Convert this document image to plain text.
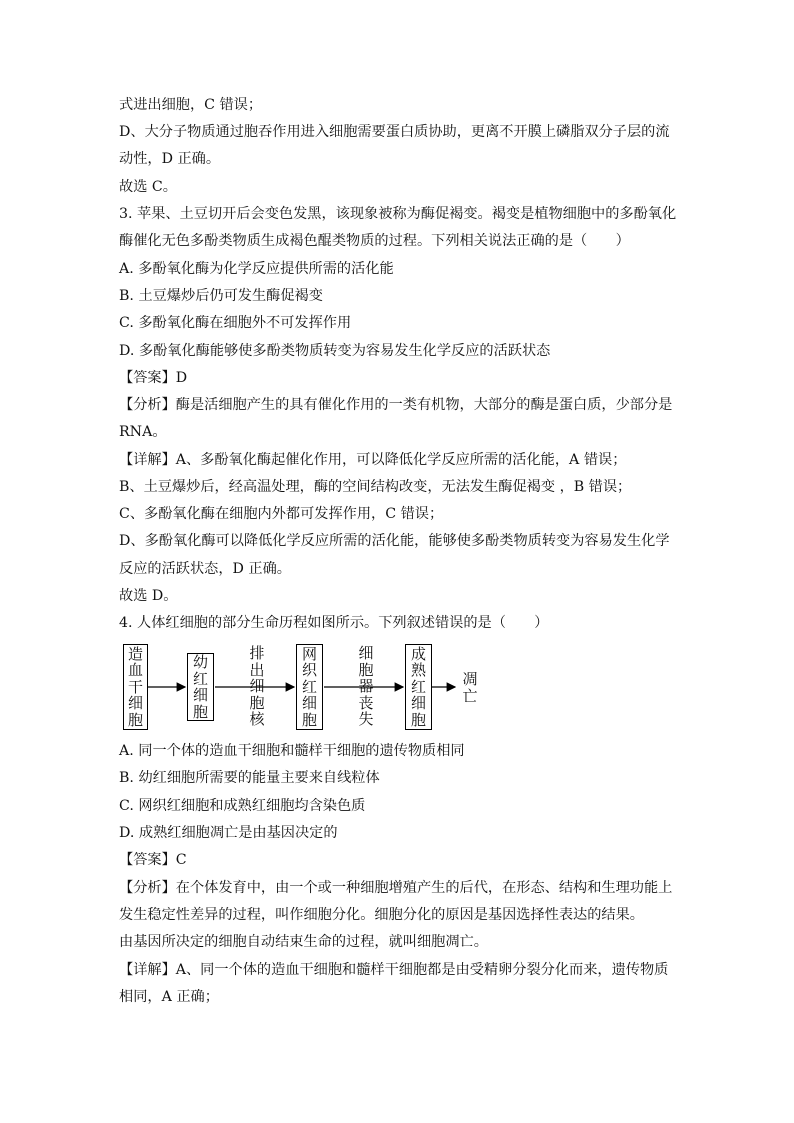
式进出细胞，C 错误；
D、大分子物质通过胞吞作用进入细胞需要蛋白质协助，更离不开膜上磷脂双分子层的流
动性，D 正确。
故选 C。
3. 苹果、土豆切开后会变色发黑，该现象被称为酶促褐变。褐变是植物细胞中的多酚氧化
酶催化无色多酚类物质生成褐色醌类物质的过程。下列相关说法正确的是（　　）
A. 多酚氧化酶为化学反应提供所需的活化能
B. 土豆爆炒后仍可发生酶促褐变
C. 多酚氧化酶在细胞外不可发挥作用
D. 多酚氧化酶能够使多酚类物质转变为容易发生化学反应的活跃状态
【答案】D
【分析】酶是活细胞产生的具有催化作用的一类有机物，大部分的酶是蛋白质，少部分是
RNA。
【详解】A、多酚氧化酶起催化作用，可以降低化学反应所需的活化能，A 错误；
B、土豆爆炒后，经高温处理，酶的空间结构改变，无法发生酶促褐变 ，B 错误；
C、多酚氧化酶在细胞内外都可发挥作用，C 错误；
D、多酚氧化酶可以降低化学反应所需的活化能，能够使多酚类物质转变为容易发生化学
反应的活跃状态，D 正确。
故选 D。
4. 人体红细胞的部分生命历程如图所示。下列叙述错误的是（　　）
造
血
干
细
胞
幼
红
细
胞
网
织
红
细
胞
成
熟
红
细
胞
排
出
细
胞
核
细
胞
器
丧
失
凋
亡
A. 同一个体的造血干细胞和髓样干细胞的遗传物质相同
B. 幼红细胞所需要的能量主要来自线粒体
C. 网织红细胞和成熟红细胞均含染色质
D. 成熟红细胞凋亡是由基因决定的
【答案】C
【分析】在个体发育中，由一个或一种细胞增殖产生的后代，在形态、结构和生理功能上
发生稳定性差异的过程，叫作细胞分化。细胞分化的原因是基因选择性表达的结果。
由基因所决定的细胞自动结束生命的过程，就叫细胞凋亡。
【详解】A、同一个体的造血干细胞和髓样干细胞都是由受精卵分裂分化而来，遗传物质
相同，A 正确；
